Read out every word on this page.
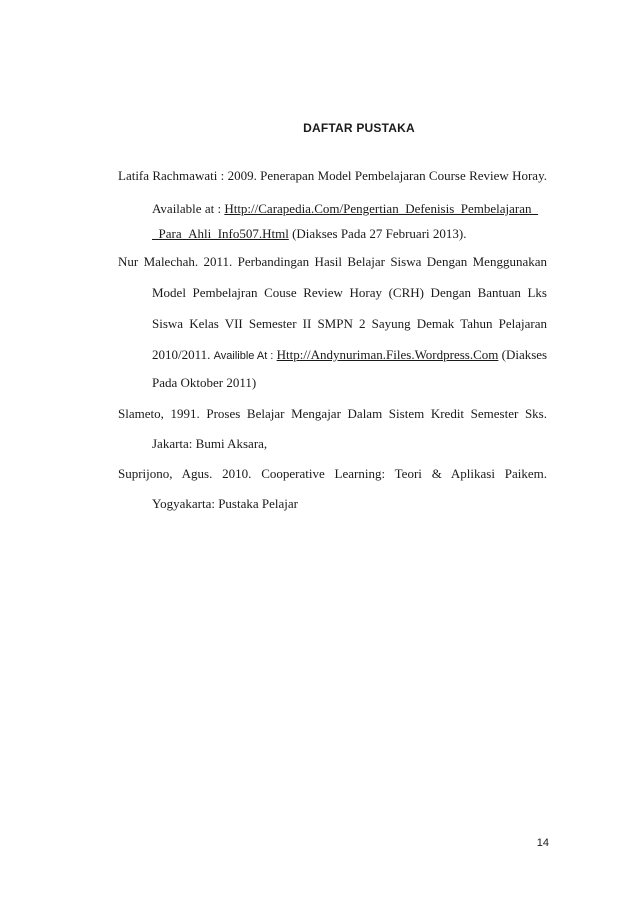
DAFTAR PUSTAKA
Latifa Rachmawati : 2009. Penerapan Model Pembelajaran Course Review Horay.
Available at : Http://Carapedia.Com/Pengertian_Defenisis_Pembelajaran_
_Para_Ahli_Info507.Html (Diakses Pada 27 Februari 2013).
Nur Malechah. 2011. Perbandingan Hasil Belajar Siswa Dengan Menggunakan
Model Pembelajran Couse Review Horay (CRH) Dengan Bantuan Lks
Siswa Kelas VII Semester II SMPN 2 Sayung Demak Tahun Pelajaran
2010/2011. Availible At : Http://Andynuriman.Files.Wordpress.Com (Diakses
Pada Oktober 2011)
Slameto, 1991. Proses Belajar Mengajar Dalam Sistem Kredit Semester Sks.
Jakarta: Bumi Aksara,
Suprijono, Agus. 2010. Cooperative Learning: Teori & Aplikasi Paikem.
Yogyakarta: Pustaka Pelajar
14
